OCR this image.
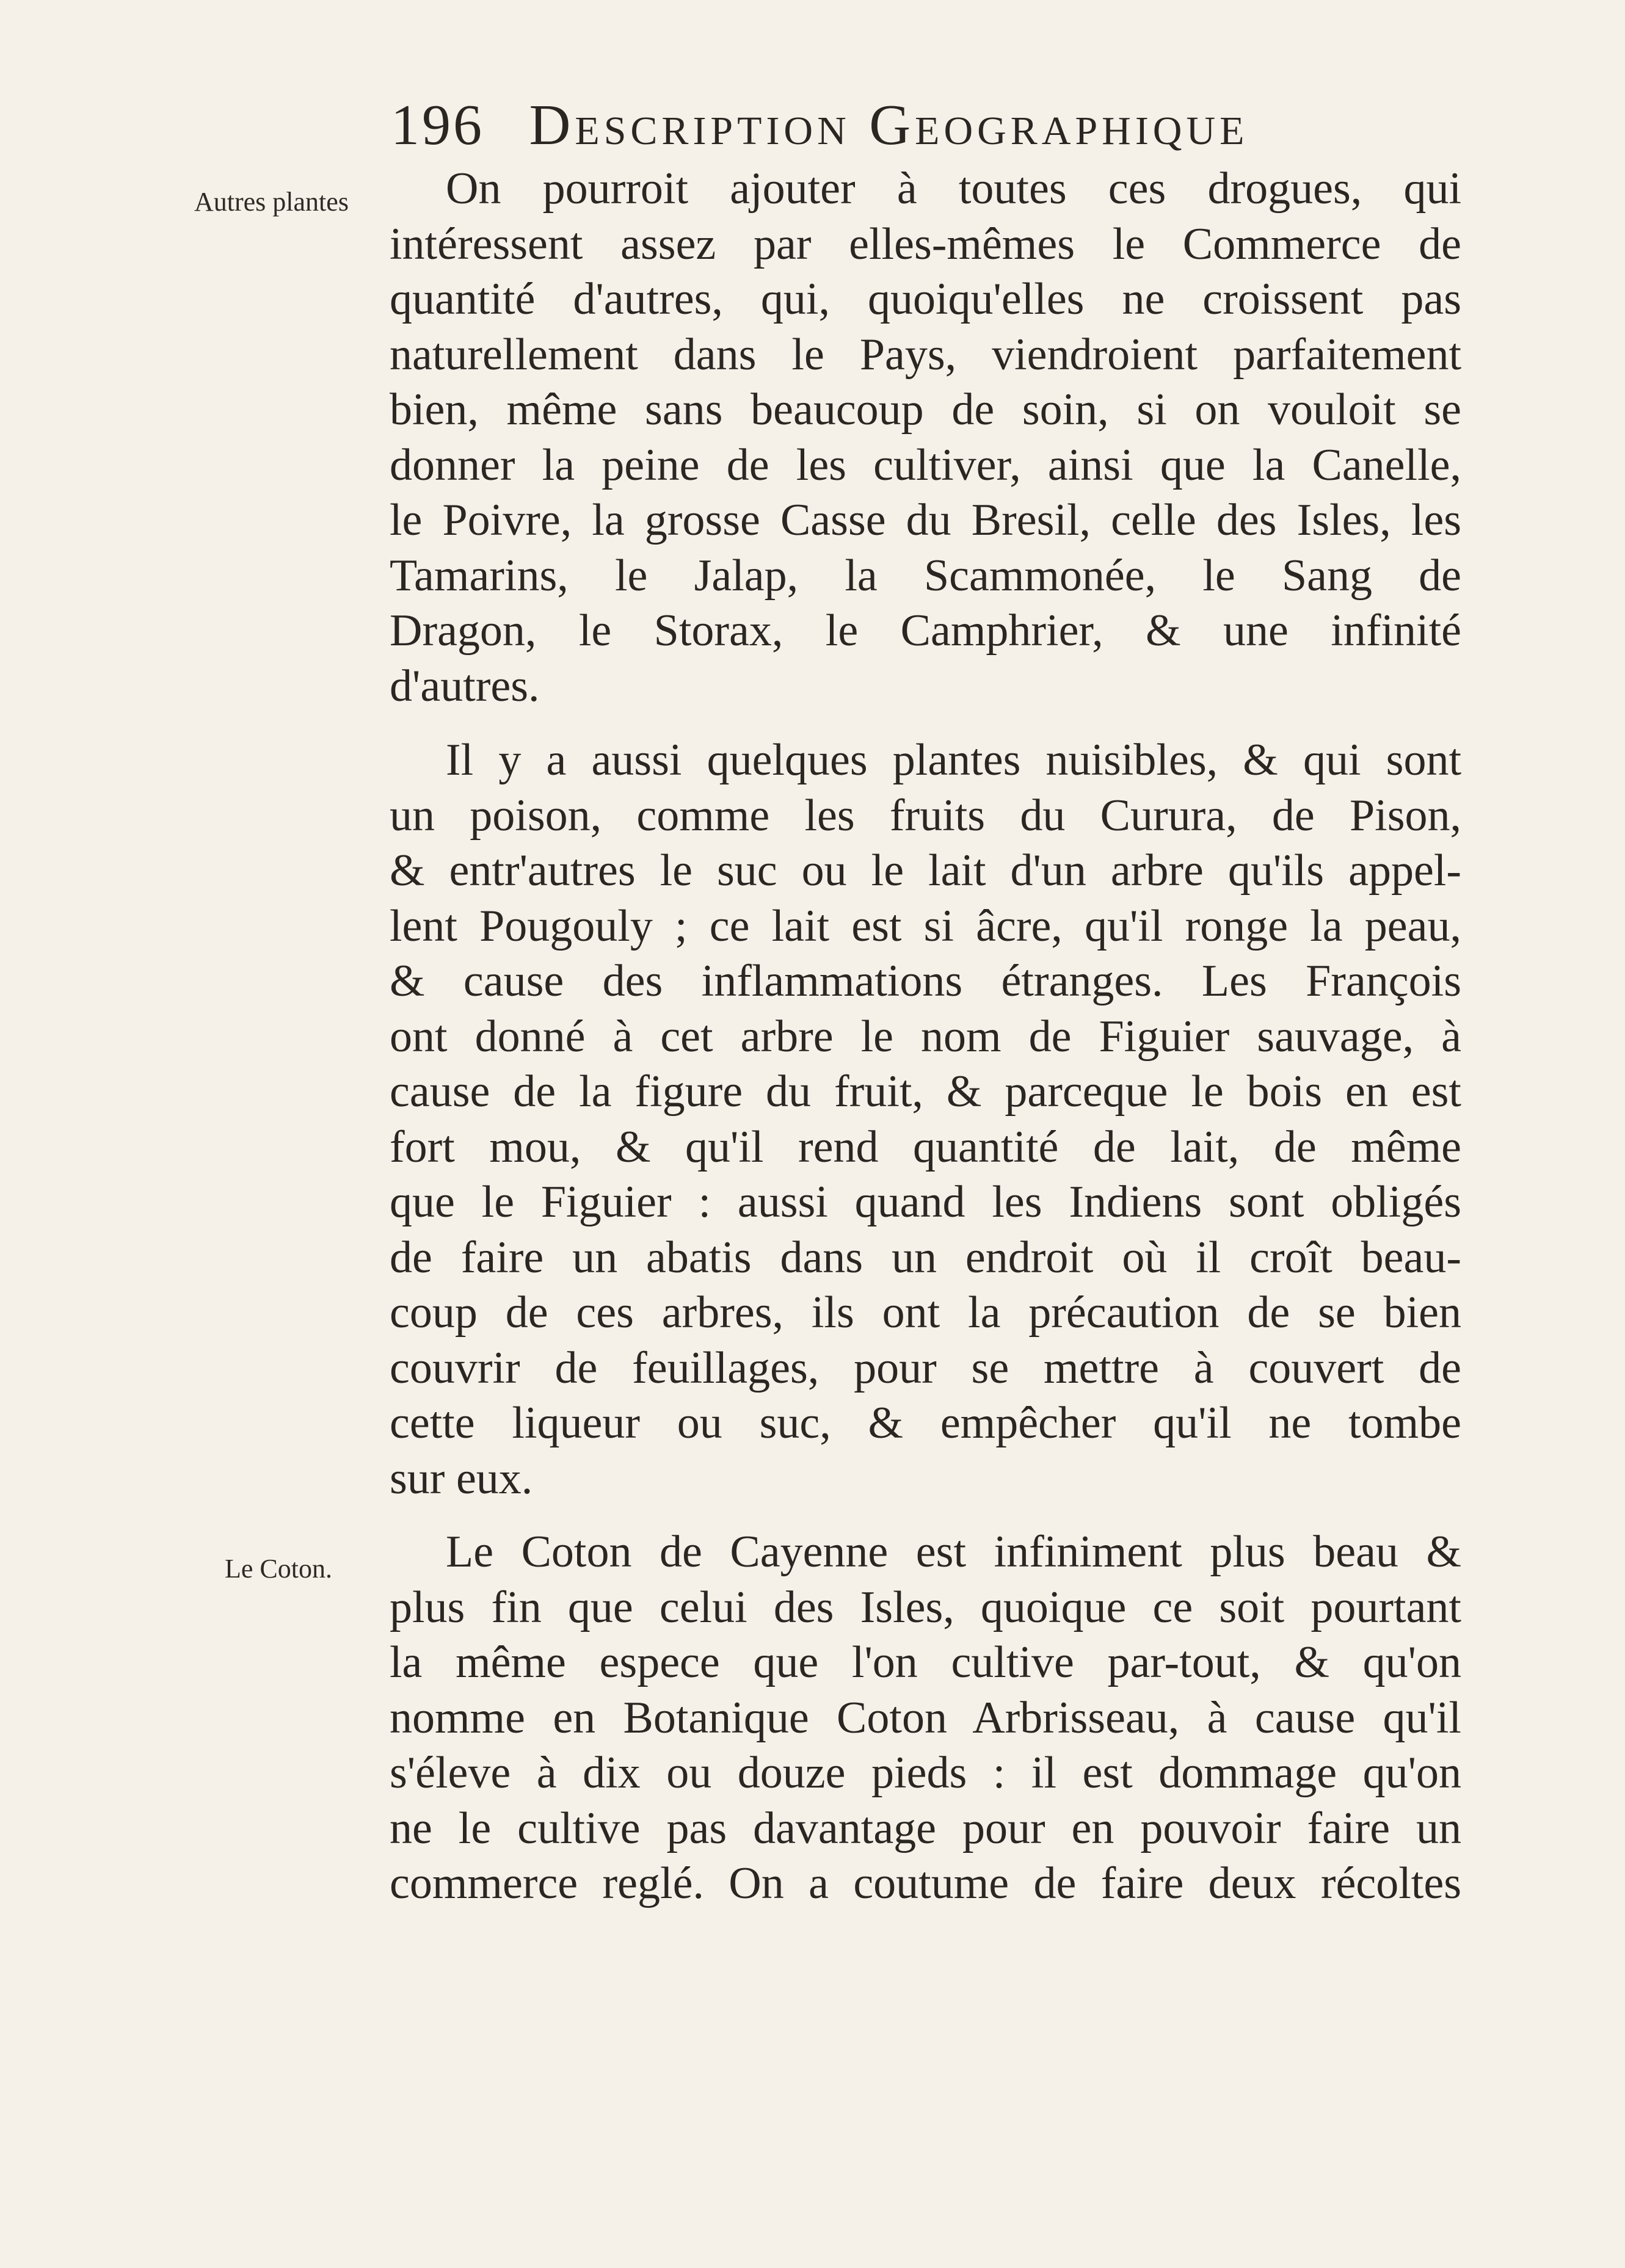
196 Description Geographique
Autres plantes
Le Coton.

On pourroit ajouter à toutes ces drogues, qui
intéressent assez par elles-mêmes le Commerce de
quantité d'autres, qui, quoiqu'elles ne croissent pas
naturellement dans le Pays, viendroient parfaitement
bien, même sans beaucoup de soin, si on vouloit se
donner la peine de les cultiver, ainsi que la Canelle,
le Poivre, la grosse Casse du Bresil, celle des Isles, les
Tamarins, le Jalap, la Scammonée, le Sang de
Dragon, le Storax, le Camphrier, & une infinité
d'autres.

Il y a aussi quelques plantes nuisibles, & qui sont
un poison, comme les fruits du Curura, de Pison,
& entr'autres le suc ou le lait d'un arbre qu'ils appel-
lent Pougouly ; ce lait est si âcre, qu'il ronge la peau,
& cause des inflammations étranges. Les François
ont donné à cet arbre le nom de Figuier sauvage, à
cause de la figure du fruit, & parceque le bois en est
fort mou, & qu'il rend quantité de lait, de même
que le Figuier : aussi quand les Indiens sont obligés
de faire un abatis dans un endroit où il croît beau-
coup de ces arbres, ils ont la précaution de se bien
couvrir de feuillages, pour se mettre à couvert de
cette liqueur ou suc, & empêcher qu'il ne tombe
sur eux.

Le Coton de Cayenne est infiniment plus beau &
plus fin que celui des Isles, quoique ce soit pourtant
la même espece que l'on cultive par-tout, & qu'on
nomme en Botanique Coton Arbrisseau, à cause qu'il
s'éleve à dix ou douze pieds : il est dommage qu'on
ne le cultive pas davantage pour en pouvoir faire un
commerce reglé. On a coutume de faire deux récoltes
